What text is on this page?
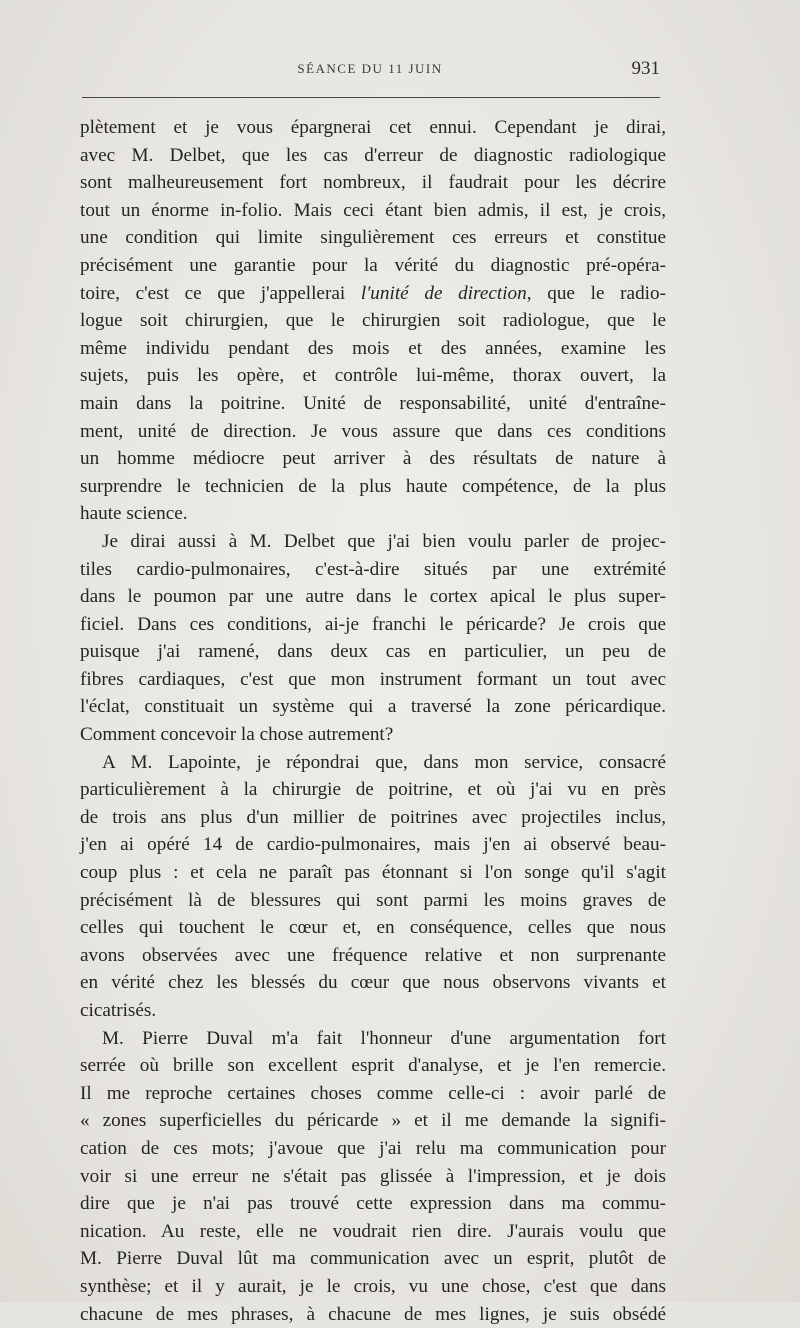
SÉANCE DU 11 JUIN	931
plètement et je vous épargnerai cet ennui. Cependant je dirai,
avec M. Delbet, que les cas d'erreur de diagnostic radiologique
sont malheureusement fort nombreux, il faudrait pour les décrire
tout un énorme in-folio. Mais ceci étant bien admis, il est, je crois,
une condition qui limite singulièrement ces erreurs et constitue
précisément une garantie pour la vérité du diagnostic pré-opéra-
toire, c'est ce que j'appellerai l'unité de direction, que le radio-
logue soit chirurgien, que le chirurgien soit radiologue, que le
même individu pendant des mois et des années, examine les
sujets, puis les opère, et contrôle lui-même, thorax ouvert, la
main dans la poitrine. Unité de responsabilité, unité d'entraîne-
ment, unité de direction. Je vous assure que dans ces conditions
un homme médiocre peut arriver à des résultats de nature à
surprendre le technicien de la plus haute compétence, de la plus
haute science.
Je dirai aussi à M. Delbet que j'ai bien voulu parler de projec-
tiles cardio-pulmonaires, c'est-à-dire situés par une extrémité
dans le poumon par une autre dans le cortex apical le plus super-
ficiel. Dans ces conditions, ai-je franchi le péricarde? Je crois que
puisque j'ai ramené, dans deux cas en particulier, un peu de
fibres cardiaques, c'est que mon instrument formant un tout avec
l'éclat, constituait un système qui a traversé la zone péricardique.
Comment concevoir la chose autrement?
A M. Lapointe, je répondrai que, dans mon service, consacré
particulièrement à la chirurgie de poitrine, et où j'ai vu en près
de trois ans plus d'un millier de poitrines avec projectiles inclus,
j'en ai opéré 14 de cardio-pulmonaires, mais j'en ai observé beau-
coup plus : et cela ne paraît pas étonnant si l'on songe qu'il s'agit
précisément là de blessures qui sont parmi les moins graves de
celles qui touchent le cœur et, en conséquence, celles que nous
avons observées avec une fréquence relative et non surprenante
en vérité chez les blessés du cœur que nous observons vivants et
cicatrisés.
M. Pierre Duval m'a fait l'honneur d'une argumentation fort
serrée où brille son excellent esprit d'analyse, et je l'en remercie.
Il me reproche certaines choses comme celle-ci : avoir parlé de
« zones superficielles du péricarde » et il me demande la signifi-
cation de ces mots; j'avoue que j'ai relu ma communication pour
voir si une erreur ne s'était pas glissée à l'impression, et je dois
dire que je n'ai pas trouvé cette expression dans ma commu-
nication. Au reste, elle ne voudrait rien dire. J'aurais voulu que
M. Pierre Duval lût ma communication avec un esprit, plutôt de
synthèse; et il y aurait, je le crois, vu une chose, c'est que dans
chacune de mes phrases, à chacune de mes lignes, je suis obsédé
